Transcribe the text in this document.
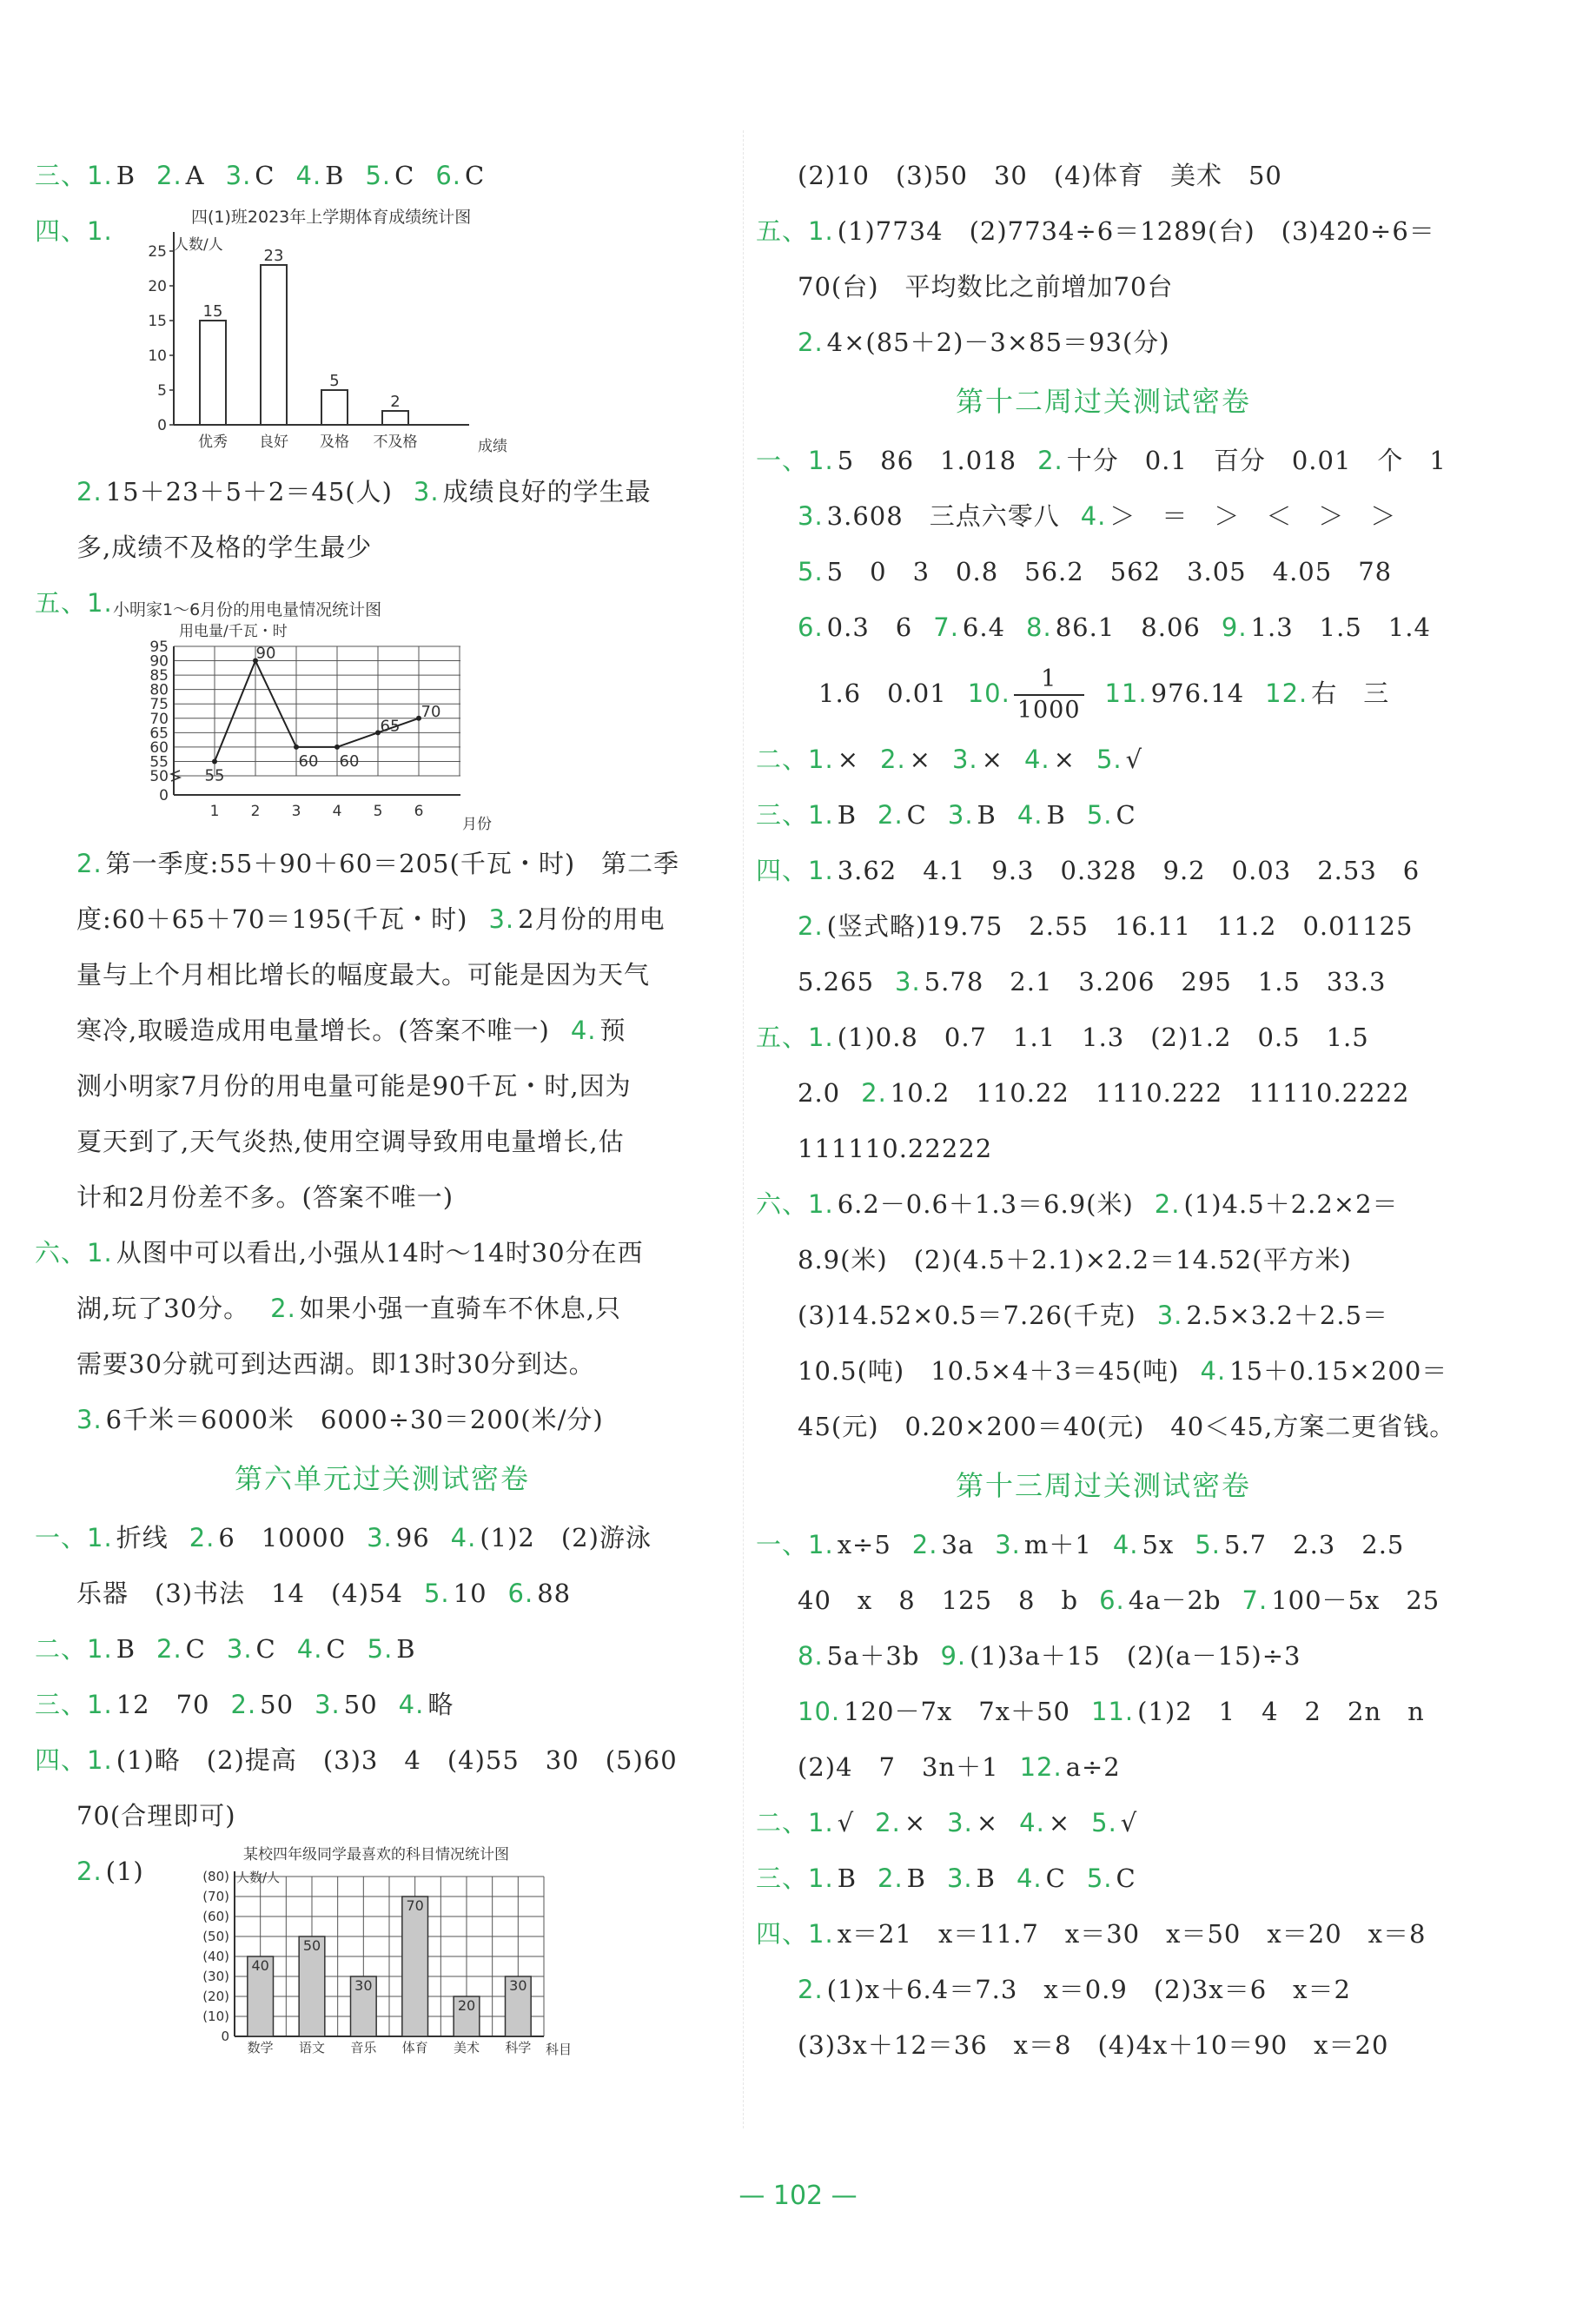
三、1. B 2. A 3. C 4. B 5. C 6. C
四、1.	四(1)班2023年上学期体育成绩统计图
人数/人
成绩
0
5
10
15
20
25
15
优秀
23
良好
5
及格
2
不及格
2. 15＋23＋5＋2＝45(人) 3. 成绩良好的学生最
多,成绩不及格的学生最少
五、1. 小明家1～6月份的用电量情况统计图
用电量/千瓦・时
月份
0
50
55
60
65
70
75
80
85
90
95
1 2 3 4 5 6
55
90
60 60
65
70
2. 第一季度:55＋90＋60＝205(千瓦・时)　第二季
度:60＋65＋70＝195(千瓦・时) 3. 2月份的用电
量与上个月相比增长的幅度最大。可能是因为天气
寒冷,取暖造成用电量增长。(答案不唯一) 4. 预
测小明家7月份的用电量可能是90千瓦・时,因为
夏天到了,天气炎热,使用空调导致用电量增长,估
计和2月份差不多。(答案不唯一)
六、1. 从图中可以看出,小强从14时～14时30分在西
湖,玩了30分。 2. 如果小强一直骑车不休息,只
需要30分就可到达西湖。即13时30分到达。
3. 6千米＝6000米　6000÷30＝200(米/分)
第六单元过关测试密卷
一、1. 折线 2. 6　10000 3. 96 4. (1)2　(2)游泳
乐器　(3)书法　14　(4)54 5. 10 6. 88
二、1. B 2. C 3. C 4. C 5. B
三、1. 12　70 2. 50 3. 50 4. 略
四、1. (1)略　(2)提高　(3)3　4　(4)55　30　(5)60
70(合理即可)
2. (1)
某校四年级同学最喜欢的科目情况统计图
人数/人
科目
0
(10)
(20)
(30)
(40)
(50)
(60)
(70)
(80)
40
数学
50
语文
30
音乐
70
体育
20
美术
30
科学
(2)10　(3)50　30　(4)体育　美术　50
五、1. (1)7734　(2)7734÷6＝1289(台)　(3)420÷6＝
70(台)　平均数比之前增加70台
2. 4×(85＋2)－3×85＝93(分)
第十二周过关测试密卷
一、1. 5　86　1.018 2. 十分　0.1　百分　0.01　个　1
3. 3.608　三点六零八 4. ＞　＝　＞　＜　＞　＞
5. 5　0　3　0.8　56.2　562　3.05　4.05　78
6. 0.3　6 7. 6.4 8. 86.1　8.06 9. 1.3　1.5　1.4
1.6　0.01 10. $\frac{1}{1000} 11$. 976.14 12. 右　三
二、1. × 2. × 3. × 4. × 5. √
三、1. B 2. C 3. B 4. B 5. C
四、1. 3.62　4.1　9.3　0.328　9.2　0.03　2.53　6
2. (竖式略)19.75　2.55　16.11　11.2　0.01125
5.265 3. 5.78　2.1　3.206　295　1.5　33.3
五、1. (1)0.8　0.7　1.1　1.3　(2)1.2　0.5　1.5
2.0 2. 10.2　110.22　1110.222　11110.2222
111110.22222
六、1. 6.2－0.6＋1.3＝6.9(米) 2. (1)4.5＋2.2×2＝
8.9(米)　(2)(4.5＋2.1)×2.2＝14.52(平方米)
(3)14.52×0.5＝7.26(千克) 3. 2.5×3.2＋2.5＝
10.5(吨)　10.5×4＋3＝45(吨) 4. 15＋0.15×200＝
45(元)　0.20×200＝40(元)　40＜45,方案二更省钱。
第十三周过关测试密卷
一、1. x÷5 2. 3a 3. m＋1 4. 5x 5. 5.7　2.3　2.5
40　x　8　125　8　b 6. 4a－2b 7. 100－5x　25
8. 5a＋3b 9. (1)3a＋15　(2)(a－15)÷3
10. 120－7x　7x＋50 11. (1)2　1　4　2　2n　n
(2)4　7　3n＋1 12. a÷2
二、1. √ 2. × 3. × 4. × 5. √
三、1. B 2. B 3. B 4. C 5. C
四、1. x＝21　x＝11.7　x＝30　x＝50　x＝20　x＝8
2. (1)x＋6.4＝7.3　x＝0.9　(2)3x＝6　x＝2
(3)3x＋12＝36　x＝8　(4)4x＋10＝90　x＝20
— 102 —
